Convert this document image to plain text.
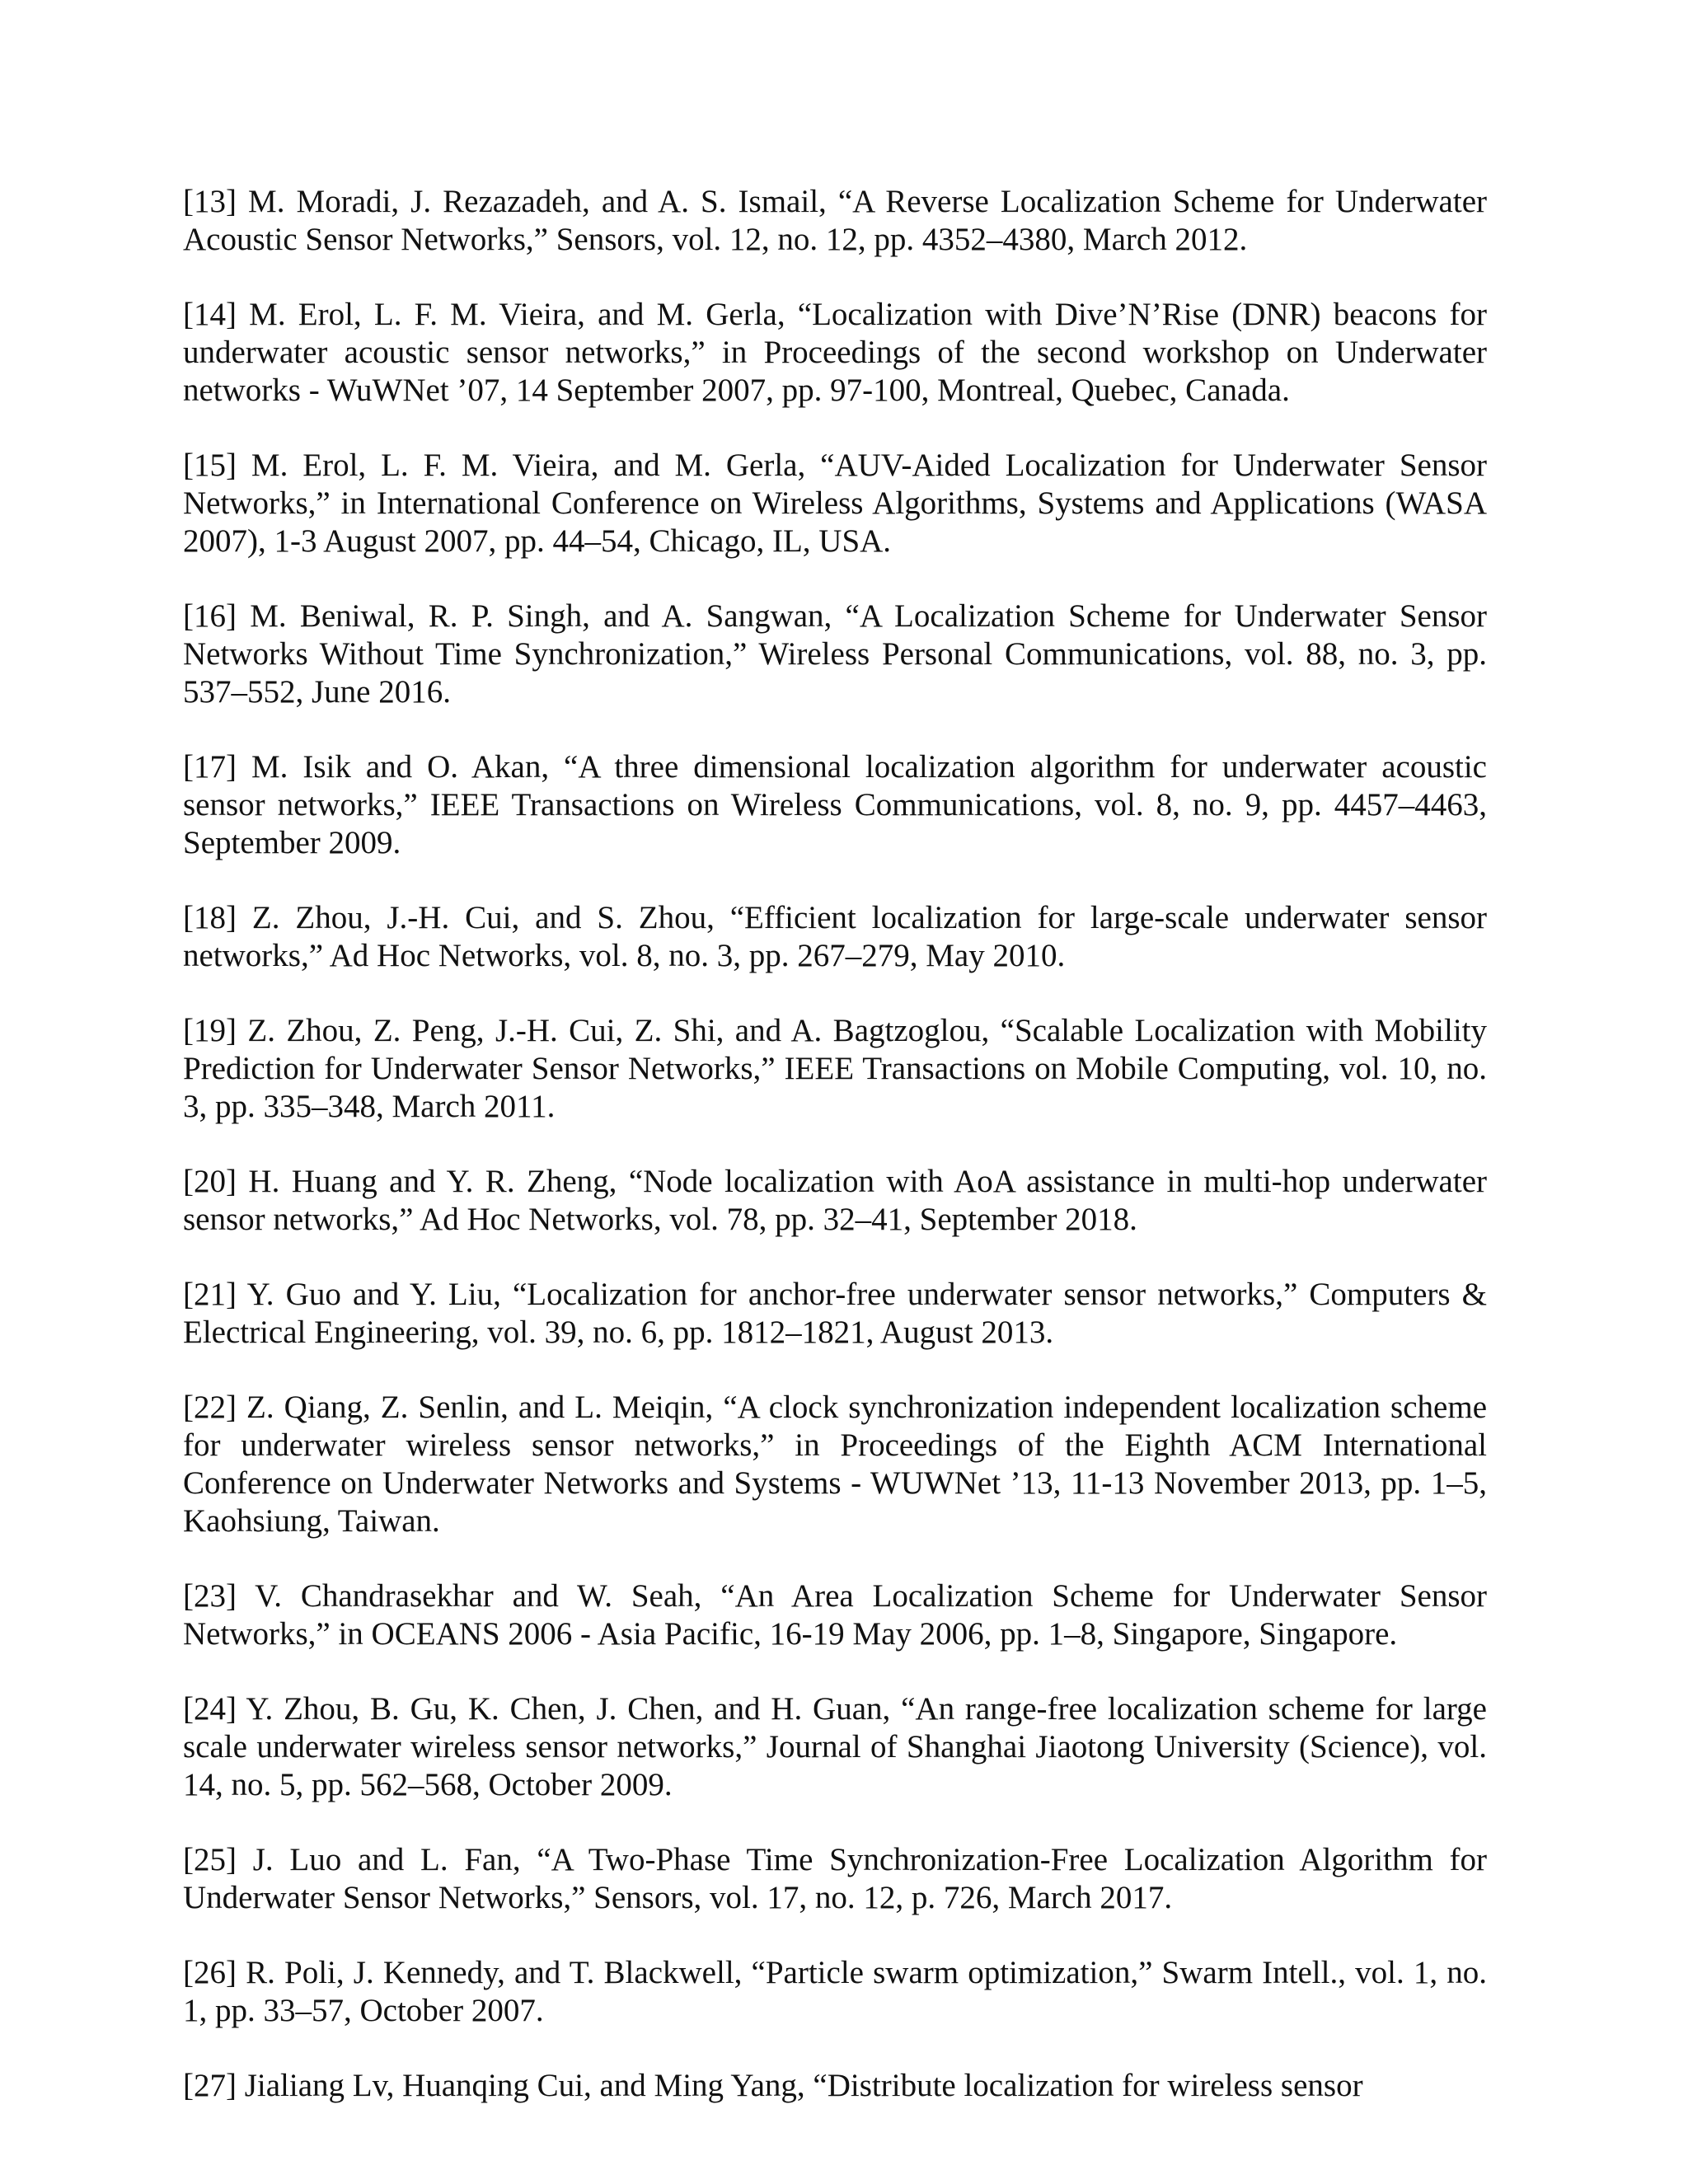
[13] M. Moradi, J. Rezazadeh, and A. S. Ismail, “A Reverse Localization Scheme for Underwater Acoustic Sensor Networks,” Sensors, vol. 12, no. 12, pp. 4352–4380, March 2012.

[14] M. Erol, L. F. M. Vieira, and M. Gerla, “Localization with Dive’N’Rise (DNR) beacons for underwater acoustic sensor networks,” in Proceedings of the second workshop on Underwater networks - WuWNet ’07, 14 September 2007, pp. 97-100, Montreal, Quebec, Canada.

[15] M. Erol, L. F. M. Vieira, and M. Gerla, “AUV-Aided Localization for Underwater Sensor Networks,” in International Conference on Wireless Algorithms, Systems and Applications (WASA 2007), 1-3 August 2007, pp. 44–54, Chicago, IL, USA.

[16] M. Beniwal, R. P. Singh, and A. Sangwan, “A Localization Scheme for Underwater Sensor Networks Without Time Synchronization,” Wireless Personal Communications, vol. 88, no. 3, pp. 537–552, June 2016.

[17] M. Isik and O. Akan, “A three dimensional localization algorithm for underwater acoustic sensor networks,” IEEE Transactions on Wireless Communications, vol. 8, no. 9, pp. 4457–4463, September 2009.

[18] Z. Zhou, J.-H. Cui, and S. Zhou, “Efficient localization for large-scale underwater sensor networks,” Ad Hoc Networks, vol. 8, no. 3, pp. 267–279, May 2010.

[19] Z. Zhou, Z. Peng, J.-H. Cui, Z. Shi, and A. Bagtzoglou, “Scalable Localization with Mobility Prediction for Underwater Sensor Networks,” IEEE Transactions on Mobile Computing, vol. 10, no. 3, pp. 335–348, March 2011.

[20] H. Huang and Y. R. Zheng, “Node localization with AoA assistance in multi-hop underwater sensor networks,” Ad Hoc Networks, vol. 78, pp. 32–41, September 2018.

[21] Y. Guo and Y. Liu, “Localization for anchor-free underwater sensor networks,” Computers & Electrical Engineering, vol. 39, no. 6, pp. 1812–1821, August 2013.

[22] Z. Qiang, Z. Senlin, and L. Meiqin, “A clock synchronization independent localization scheme for underwater wireless sensor networks,” in Proceedings of the Eighth ACM International Conference on Underwater Networks and Systems - WUWNet ’13, 11-13 November 2013, pp. 1–5, Kaohsiung, Taiwan.

[23] V. Chandrasekhar and W. Seah, “An Area Localization Scheme for Underwater Sensor Networks,” in OCEANS 2006 - Asia Pacific, 16-19 May 2006, pp. 1–8, Singapore, Singapore.

[24] Y. Zhou, B. Gu, K. Chen, J. Chen, and H. Guan, “An range-free localization scheme for large scale underwater wireless sensor networks,” Journal of Shanghai Jiaotong University (Science), vol. 14, no. 5, pp. 562–568, October 2009.

[25] J. Luo and L. Fan, “A Two-Phase Time Synchronization-Free Localization Algorithm for Underwater Sensor Networks,” Sensors, vol. 17, no. 12, p. 726, March 2017.

[26] R. Poli, J. Kennedy, and T. Blackwell, “Particle swarm optimization,” Swarm Intell., vol. 1, no. 1, pp. 33–57, October 2007.

[27] Jialiang Lv, Huanqing Cui, and Ming Yang, “Distribute localization for wireless sensor
